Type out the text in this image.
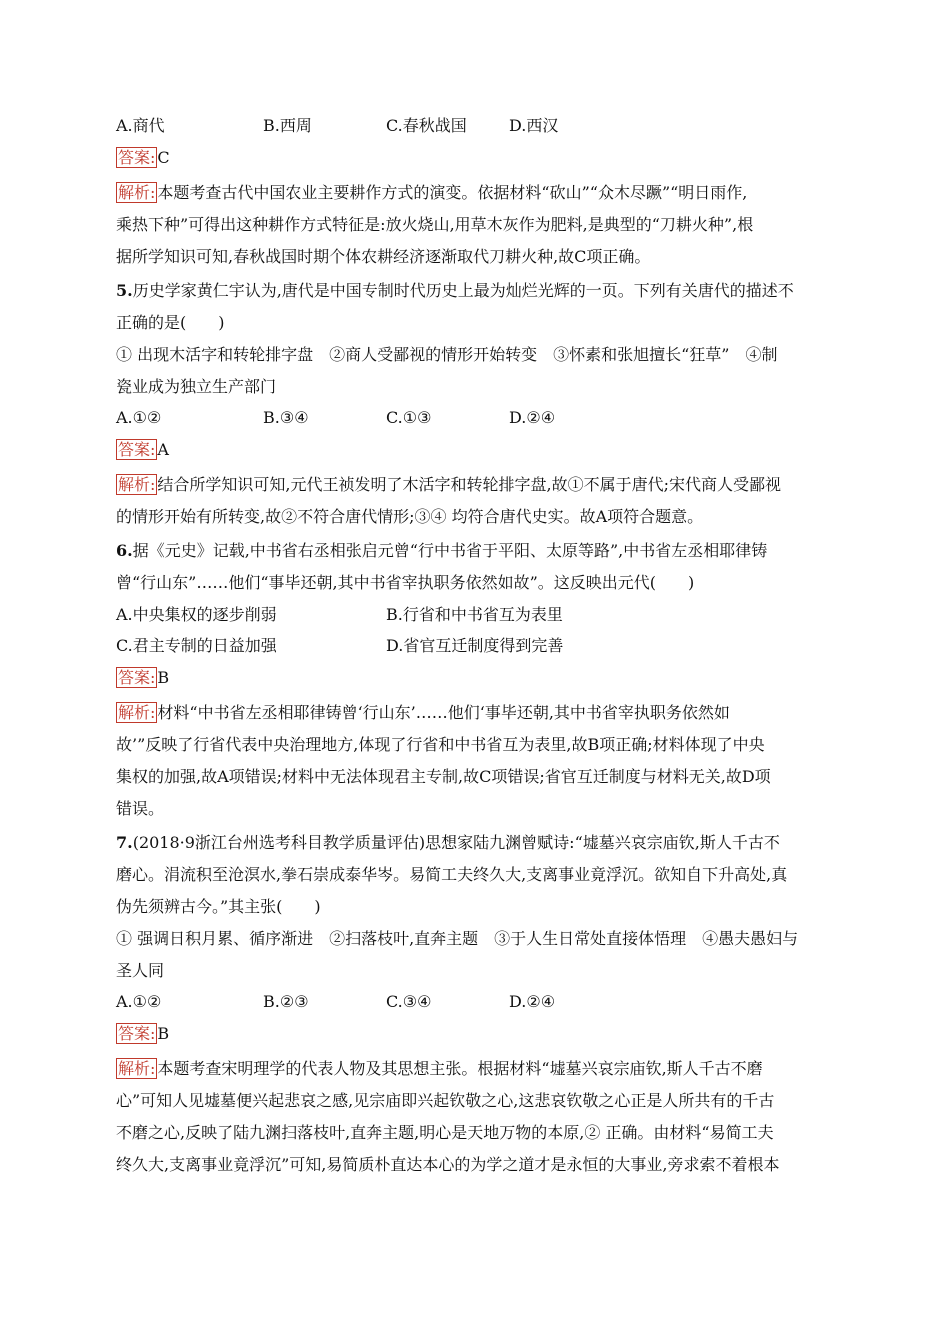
A.商代	B.西周	C.春秋战国	D.西汉
答案: C
解析: 本题考查古代中国农业主要耕作方式的演变。依据材料“砍山”“众木尽蹶”“明日雨作,
乘热下种”可得出这种耕作方式特征是:放火烧山,用草木灰作为肥料,是典型的“刀耕火种”,根
据所学知识可知,春秋战国时期个体农耕经济逐渐取代刀耕火种,故C项正确。
5.历史学家黄仁宇认为,唐代是中国专制时代历史上最为灿烂光辉的一页。下列有关唐代的描述不
正确的是(　　)
① 出现木活字和转轮排字盘　②商人受鄙视的情形开始转变　③怀素和张旭擅长“狂草”　④制
瓷业成为独立生产部门
A.①②	B.③④	C.①③	D.②④
答案: A
解析: 结合所学知识可知,元代王祯发明了木活字和转轮排字盘,故①不属于唐代;宋代商人受鄙视
的情形开始有所转变,故②不符合唐代情形;③④ 均符合唐代史实。故A项符合题意。
6.据《元史》记载,中书省右丞相张启元曾“行中书省于平阳、太原等路”,中书省左丞相耶律铸
曾“行山东”……他们“事毕还朝,其中书省宰执职务依然如故”。这反映出元代(　　)
A.中央集权的逐步削弱	B.行省和中书省互为表里
C.君主专制的日益加强	D.省官互迁制度得到完善
答案: B
解析: 材料“中书省左丞相耶律铸曾‘行山东’……他们‘事毕还朝,其中书省宰执职务依然如
故’”反映了行省代表中央治理地方,体现了行省和中书省互为表里,故B项正确;材料体现了中央
集权的加强,故A项错误;材料中无法体现君主专制,故C项错误;省官互迁制度与材料无关,故D项
错误。
7.(2018·9浙江台州选考科目教学质量评估)思想家陆九渊曾赋诗:“墟墓兴哀宗庙钦,斯人千古不
磨心。涓流积至沧溟水,拳石崇成泰华岑。易简工夫终久大,支离事业竟浮沉。欲知自下升高处,真
伪先须辨古今。”其主张(　　)
① 强调日积月累、循序渐进　②扫落枝叶,直奔主题　③于人生日常处直接体悟理　④愚夫愚妇与
圣人同
A.①②	B.②③	C.③④	D.②④
答案: B
解析: 本题考查宋明理学的代表人物及其思想主张。根据材料“墟墓兴哀宗庙钦,斯人千古不磨
心”可知人见墟墓便兴起悲哀之感,见宗庙即兴起钦敬之心,这悲哀钦敬之心正是人所共有的千古
不磨之心,反映了陆九渊扫落枝叶,直奔主题,明心是天地万物的本原,② 正确。由材料“易简工夫
终久大,支离事业竟浮沉”可知,易简质朴直达本心的为学之道才是永恒的大事业,旁求索不着根本
